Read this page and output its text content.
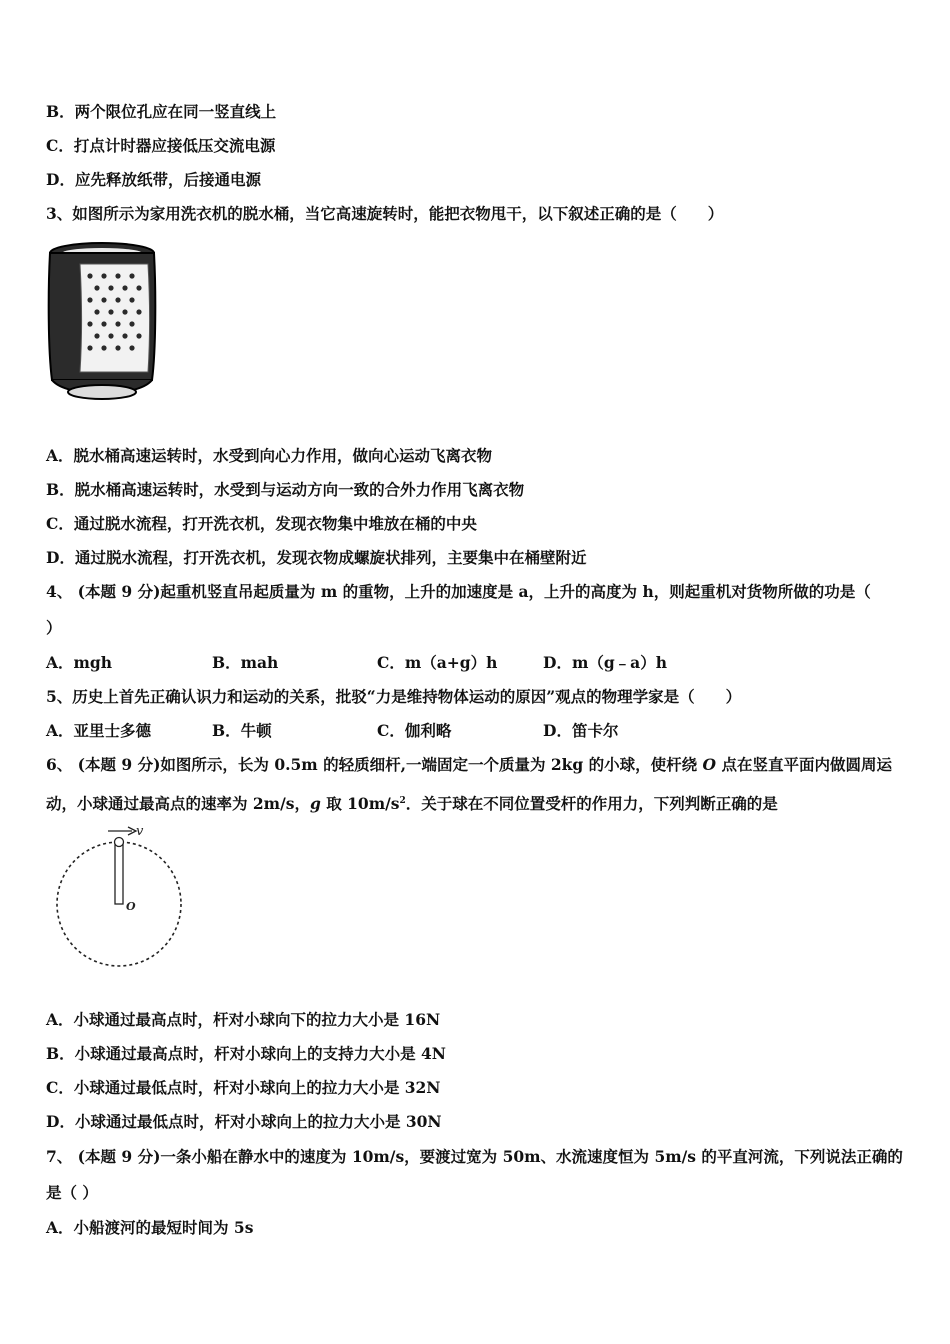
B．两个限位孔应在同一竖直线上
C．打点计时器应接低压交流电源
D．应先释放纸带，后接通电源
3、如图所示为家用洗衣机的脱水桶，当它高速旋转时，能把衣物甩干，以下叙述正确的是（　　）
A．脱水桶高速运转时，水受到向心力作用，做向心运动飞离衣物
B．脱水桶高速运转时，水受到与运动方向一致的合外力作用飞离衣物
C．通过脱水流程，打开洗衣机，发现衣物集中堆放在桶的中央
D．通过脱水流程，打开洗衣机，发现衣物成螺旋状排列，主要集中在桶壁附近
4、 (本题 9 分)起重机竖直吊起质量为 m 的重物，上升的加速度是 a，上升的高度为 h，则起重机对货物所做的功是（
）
A．mgh	B．mah	C．m（a+g）h	D．m（g﹣a）h
5、历史上首先正确认识力和运动的关系，批驳“力是维持物体运动的原因”观点的物理学家是（　　）
A．亚里士多德	B．牛顿	C．伽利略	D．笛卡尔
6、 (本题 9 分)如图所示，长为 0.5m 的轻质细杆,一端固定一个质量为 2kg 的小球，使杆绕 O 点在竖直平面内做圆周运
动，小球通过最高点的速率为 2m/s，g 取 $10m/s^2$．关于球在不同位置受杆的作用力，下列判断正确的是
v
O
A．小球通过最高点时，杆对小球向下的拉力大小是 16N
B．小球通过最高点时，杆对小球向上的支持力大小是 4N
C．小球通过最低点时，杆对小球向上的拉力大小是 32N
D．小球通过最低点时，杆对小球向上的拉力大小是 30N
7、 (本题 9 分)一条小船在静水中的速度为 10m/s，要渡过宽为 50m、水流速度恒为 5m/s 的平直河流，下列说法正确的
是（ ）
A．小船渡河的最短时间为 5s
